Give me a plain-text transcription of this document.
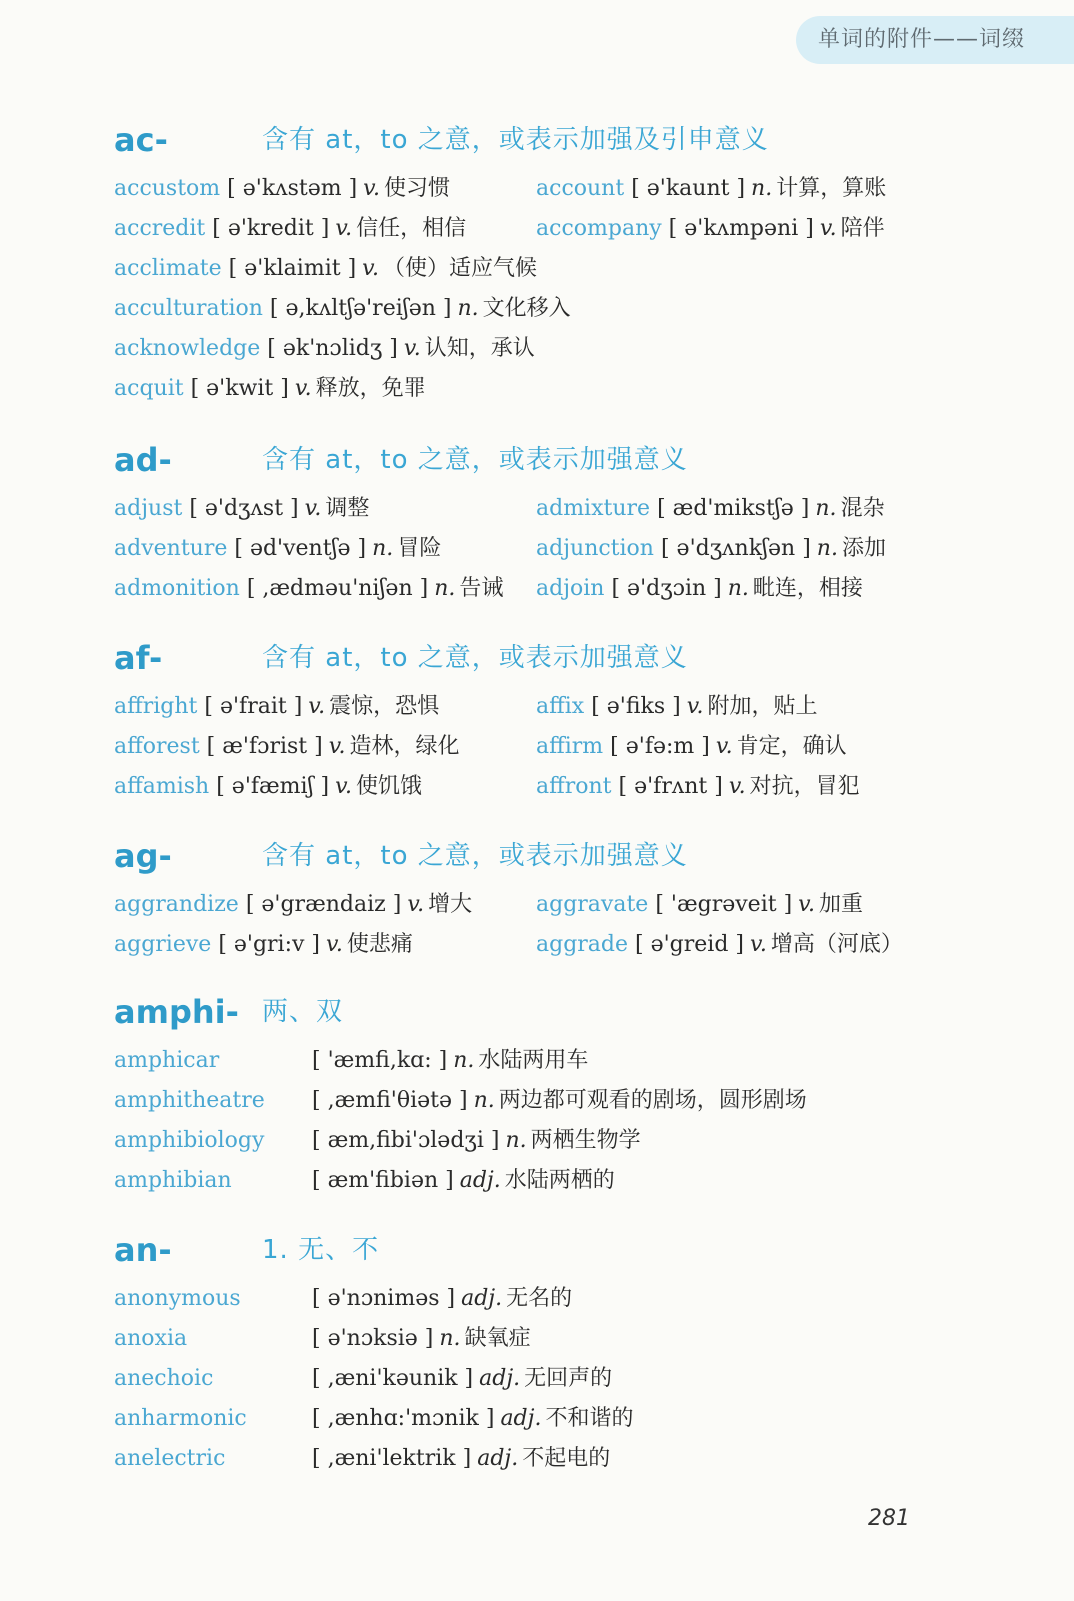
单词的附件——词缀
ac-	含有 at，to 之意，或表示加强及引申意义
accustom [ ə'kʌstəm ] v. 使习惯	account [ ə'kaunt ] n. 计算，算账
accredit [ ə'kredit ] v. 信任，相信	accompany [ ə'kʌmpəni ] v. 陪伴
acclimate [ ə'klaimit ] v. （使）适应气候
acculturation [ ə,kʌltʃə'reiʃən ] n. 文化移入
acknowledge [ ək'nɔlidʒ ] v. 认知，承认
acquit [ ə'kwit ] v. 释放，免罪
ad-	含有 at，to 之意，或表示加强意义
adjust [ ə'dʒʌst ] v. 调整	admixture [ æd'mikstʃə ] n. 混杂
adventure [ əd'ventʃə ] n. 冒险	adjunction [ ə'dʒʌnkʃən ] n. 添加
admonition [ ,ædməu'niʃən ] n. 告诫 adjoin [ ə'dʒɔin ] n. 毗连，相接
af-	含有 at，to 之意，或表示加强意义
affright [ ə'frait ] v. 震惊，恐惧	affix [ ə'fiks ] v. 附加，贴上
afforest [ æ'fɔrist ] v. 造林，绿化	affirm [ ə'fə:m ] v. 肯定，确认
affamish [ ə'fæmiʃ ] v. 使饥饿	affront [ ə'frʌnt ] v. 对抗，冒犯
ag-	含有 at，to 之意，或表示加强意义
aggrandize [ ə'grændaiz ] v. 增大	aggravate [ 'ægrəveit ] v. 加重
aggrieve [ ə'gri:v ] v. 使悲痛	aggrade [ ə'greid ] v. 增高（河底）
amphi- 两、双
amphicar	[ 'æmfi,kɑ: ] n. 水陆两用车
amphitheatre [ ,æmfi'θiətə ] n. 两边都可观看的剧场，圆形剧场
amphibiology [ æm,fibi'ɔlədʒi ] n. 两栖生物学
amphibian	[ æm'fibiən ] adj. 水陆两栖的
an-	1. 无、不
anonymous	[ ə'nɔniməs ] adj. 无名的
anoxia	[ ə'nɔksiə ] n. 缺氧症
anechoic	[ ,æni'kəunik ] adj. 无回声的
anharmonic	[ ,ænhɑ:'mɔnik ] adj. 不和谐的
anelectric	[ ,æni'lektrik ] adj. 不起电的
281
